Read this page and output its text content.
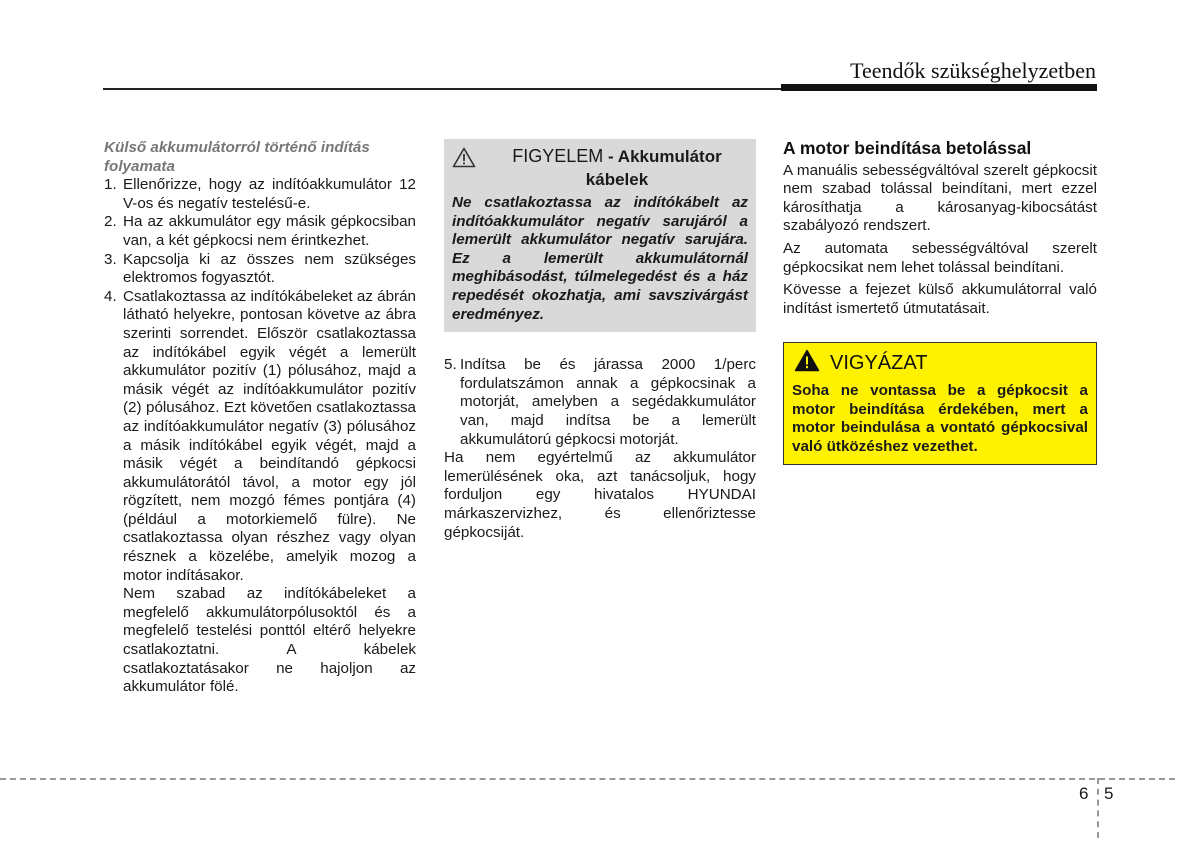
Teendők szükséghelyzetben

Külső akkumulátorról történő indítás folyamata

1. Ellenőrizze, hogy az indítóakkumulátor 12 V-os és negatív testelésű-e.
2. Ha az akkumulátor egy másik gépkocsiban van, a két gépkocsi nem érintkezhet.
3. Kapcsolja ki az összes nem szükséges elektromos fogyasztót.
4. Csatlakoztassa az indítókábeleket az ábrán látható helyekre, pontosan követve az ábra szerinti sorrendet. Először csatlakoztassa az indítókábel egyik végét a lemerült akkumulátor pozitív (1) pólusához, majd a másik végét az indítóakkumulátor pozitív (2) pólusához. Ezt követően csatlakoztassa az indítóakkumulátor negatív (3) pólusához a másik indítókábel egyik végét, majd a másik végét a beindítandó gépkocsi akkumulátorától távol, a motor egy jól rögzített, nem mozgó fémes pontjára (4) (például a motorkiemelő fülre). Ne csatlakoztassa olyan részhez vagy olyan résznek a közelébe, amelyik mozog a motor indításakor.

Nem szabad az indítókábeleket a megfelelő akkumulátorpólusoktól és a megfelelő testelési ponttól eltérő helyekre csatlakoztatni. A kábelek csatlakoztatásakor ne hajoljon az akkumulátor fölé.

FIGYELEM - Akkumulátor
kábelek
Ne csatlakoztassa az indítókábelt az indítóakkumulátor negatív sarujáról a lemerült akkumulátor negatív sarujára. Ez a lemerült akkumulátornál meghibásodást, túlmelegedést és a ház repedését okozhatja, ami savszivárgást eredményez.
5. Indítsa be és járassa 2000 1/perc fordulatszámon annak a gépkocsinak a motorját, amelyben a segédakkumulátor van, majd indítsa be a lemerült akkumulátorú gépkocsi motorját.

Ha nem egyértelmű az akkumulátor lemerülésének oka, azt tanácsoljuk, hogy forduljon egy hivatalos HYUNDAI márkaszervizhez, és ellenőriztesse gépkocsiját.

A motor beindítása betolással

A manuális sebességváltóval szerelt gépkocsit nem szabad tolással beindítani, mert ezzel károsíthatja a károsanyag-kibocsátást szabályozó rendszert.

Az automata sebességváltóval szerelt gépkocsikat nem lehet tolással beindítani.

Kövesse a fejezet külső akkumulátorral való indítást ismertető útmutatásait.

VIGYÁZAT
Soha ne vontassa be a gépkocsit a motor beindítása érdekében, mert a motor beindulása a vontató gépkocsival való ütközéshez vezethet.
6 5
